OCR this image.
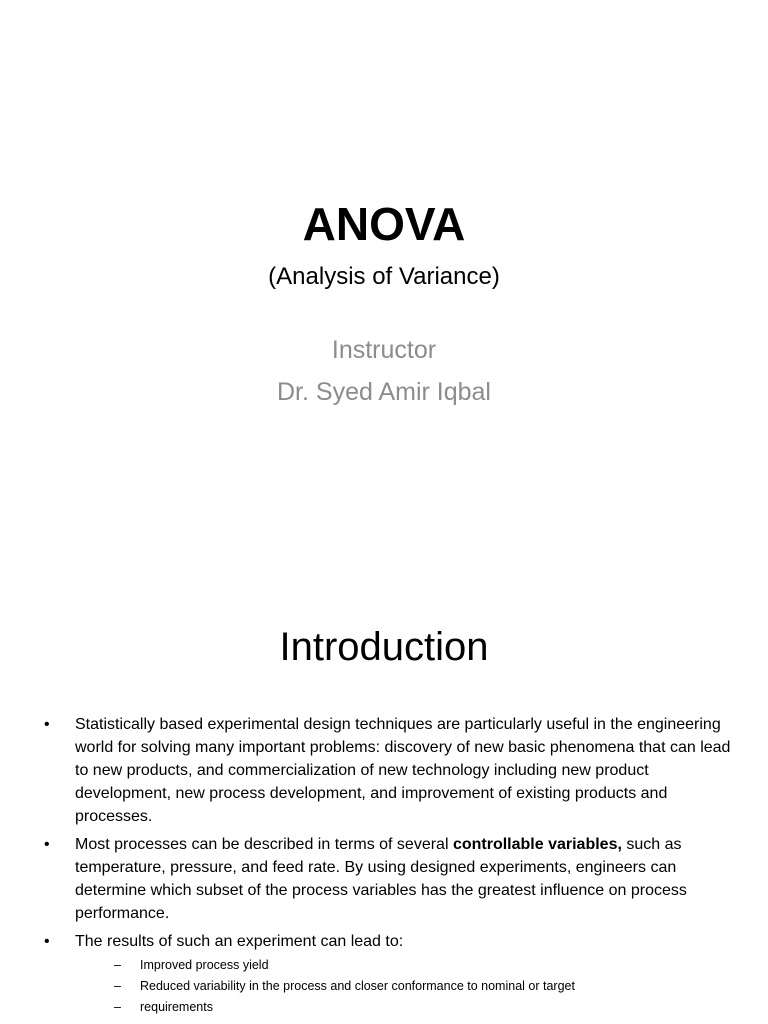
ANOVA
(Analysis of Variance)
Instructor
Dr. Syed Amir Iqbal
Introduction
•	Statistically based experimental design techniques are particularly useful in the engineering world for solving many important problems: discovery of new basic phenomena that can lead to new products, and commercialization of new technology including new product development, new process development, and improvement of existing products and processes.
•	Most processes can be described in terms of several controllable variables, such as temperature, pressure, and feed rate. By using designed experiments, engineers can determine which subset of the process variables has the greatest influence on process performance.
•	The results of such an experiment can lead to:
– Improved process yield
– Reduced variability in the process and closer conformance to nominal or target
– requirements
